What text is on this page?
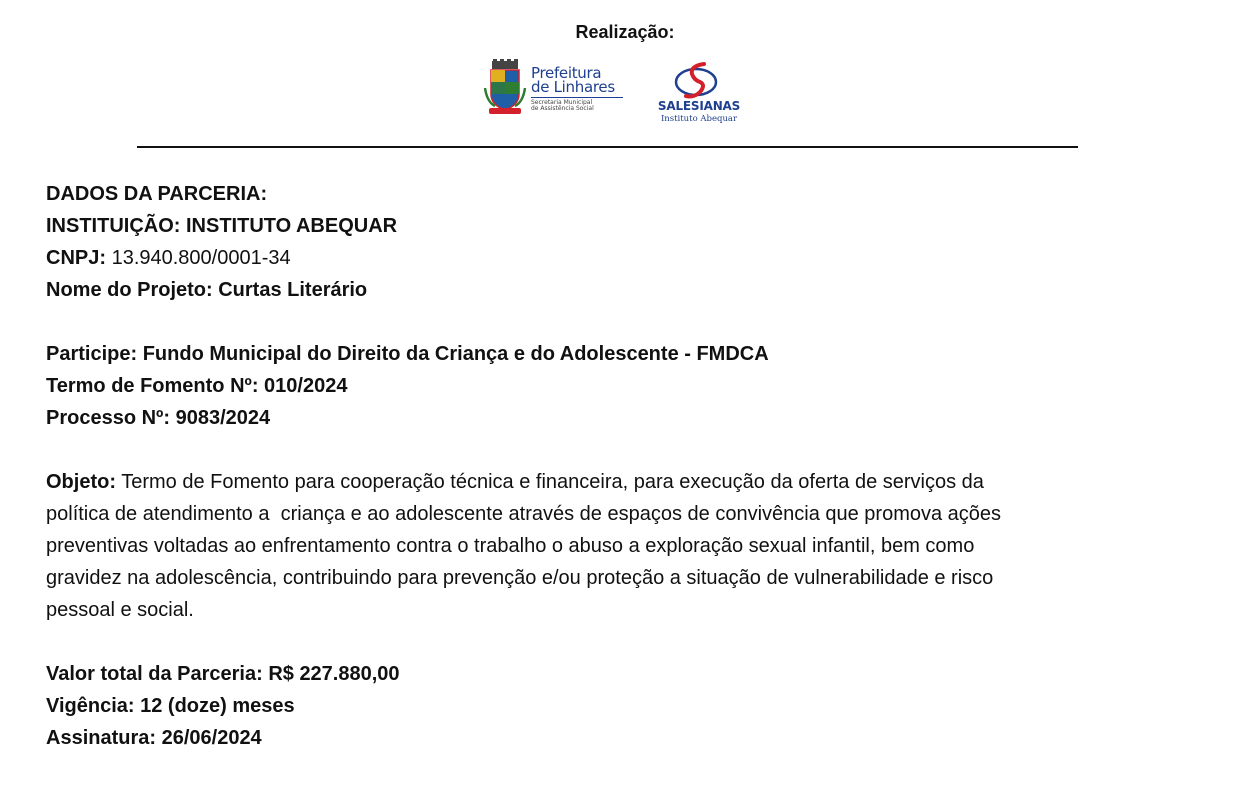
Realização:
Prefeitura
de Linhares
Secretaria Municipal
de Assistência Social	SALESIANAS
Instituto Abequar

DADOS DA PARCERIA:

INSTITUIÇÃO: INSTITUTO ABEQUAR

CNPJ: 13.940.800/0001-34

Nome do Projeto: Curtas Literário

Participe: Fundo Municipal do Direito da Criança e do Adolescente - FMDCA

Termo de Fomento Nº: 010/2024

Processo Nº: 9083/2024

Objeto: Termo de Fomento para cooperação técnica e financeira, para execução da oferta de serviços da

política de atendimento a  criança e ao adolescente através de espaços de convivência que promova ações

preventivas voltadas ao enfrentamento contra o trabalho o abuso a exploração sexual infantil, bem como

gravidez na adolescência, contribuindo para prevenção e/ou proteção a situação de vulnerabilidade e risco

pessoal e social.

Valor total da Parceria: R$ 227.880,00

Vigência: 12 (doze) meses

Assinatura: 26/06/2024
